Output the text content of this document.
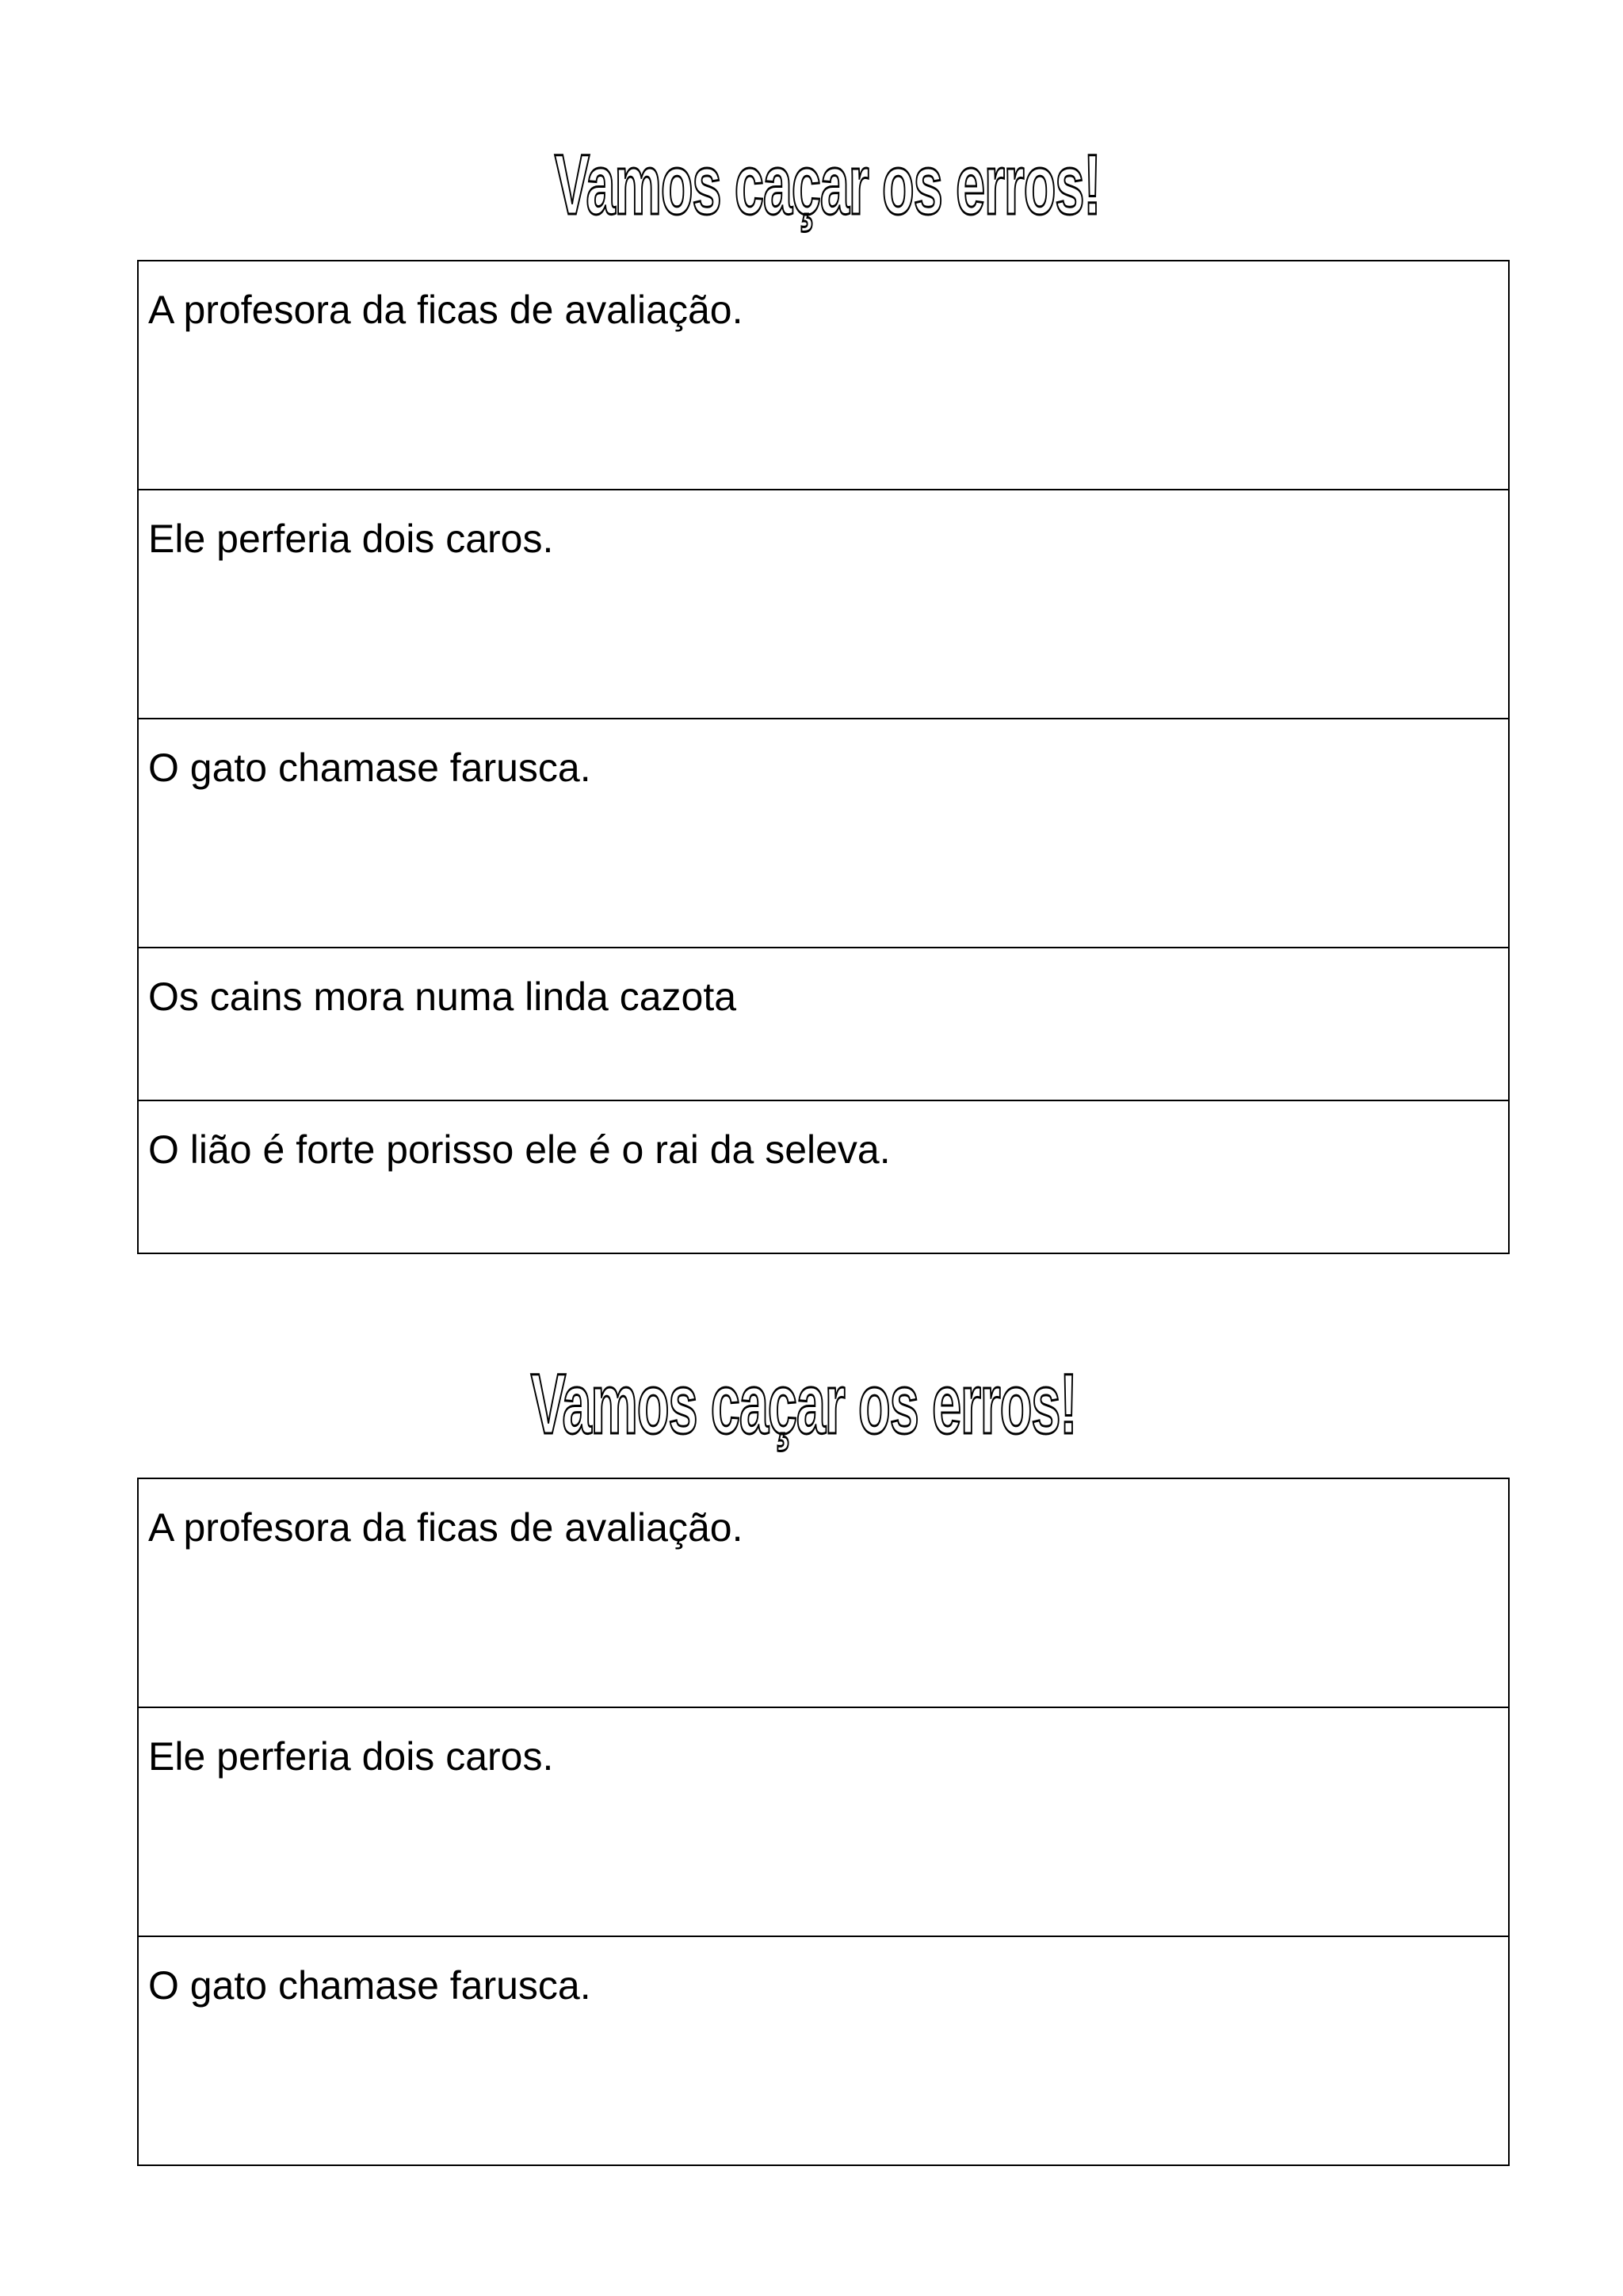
Vamos caçar os erros!
A profesora da ficas de avaliação.

Ele perferia dois caros.

O gato chamase farusca.

Os cains mora numa linda cazota

O lião é forte porisso ele é o rai da seleva.
Vamos caçar os erros!
A profesora da ficas de avaliação.

Ele perferia dois caros.

O gato chamase farusca.
